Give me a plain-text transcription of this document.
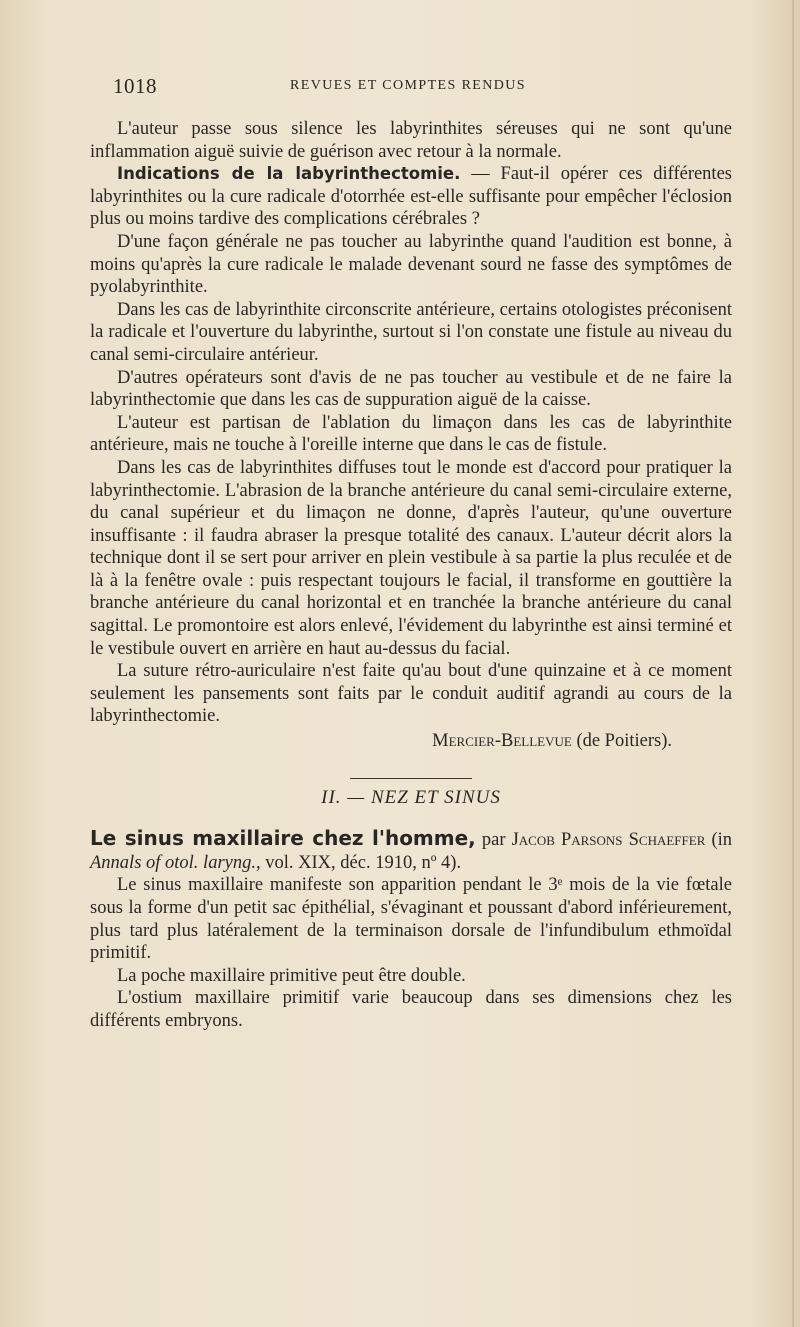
1018	REVUES ET COMPTES RENDUS

L'auteur passe sous silence les labyrinthites séreuses qui ne sont qu'une inflammation aiguë suivie de guérison avec retour à la normale.

Indications de la labyrinthectomie. — Faut-il opérer ces différentes labyrinthites ou la cure radicale d'otorrhée est-elle suffisante pour empêcher l'éclosion plus ou moins tardive des complications cérébrales ?

D'une façon générale ne pas toucher au labyrinthe quand l'audition est bonne, à moins qu'après la cure radicale le malade devenant sourd ne fasse des symptômes de pyolabyrinthite.

Dans les cas de labyrinthite circonscrite antérieure, certains otologistes préconisent la radicale et l'ouverture du labyrinthe, surtout si l'on constate une fistule au niveau du canal semi-circulaire antérieur.

D'autres opérateurs sont d'avis de ne pas toucher au vestibule et de ne faire la labyrinthectomie que dans les cas de suppuration aiguë de la caisse.

L'auteur est partisan de l'ablation du limaçon dans les cas de labyrinthite antérieure, mais ne touche à l'oreille interne que dans le cas de fistule.

Dans les cas de labyrinthites diffuses tout le monde est d'accord pour pratiquer la labyrinthectomie. L'abrasion de la branche antérieure du canal semi-circulaire externe, du canal supérieur et du limaçon ne donne, d'après l'auteur, qu'une ouverture insuffisante : il faudra abraser la presque totalité des canaux. L'auteur décrit alors la technique dont il se sert pour arriver en plein vestibule à sa partie la plus reculée et de là à la fenêtre ovale : puis respectant toujours le facial, il transforme en gouttière la branche antérieure du canal horizontal et en tranchée la branche antérieure du canal sagittal. Le promontoire est alors enlevé, l'évidement du labyrinthe est ainsi terminé et le vestibule ouvert en arrière en haut au-dessus du facial.

La suture rétro-auriculaire n'est faite qu'au bout d'une quinzaine et à ce moment seulement les pansements sont faits par le conduit auditif agrandi au cours de la labyrinthectomie.

Mercier-Bellevue (de Poitiers).
II. — NEZ ET SINUS

Le sinus maxillaire chez l'homme, par Jacob Parsons Schaeffer (in Annals of otol. laryng., vol. XIX, déc. 1910, nº 4).

Le sinus maxillaire manifeste son apparition pendant le 3ᵉ mois de la vie fœtale sous la forme d'un petit sac épithélial, s'évaginant et poussant d'abord inférieurement, plus tard plus latéralement de la terminaison dorsale de l'infundibulum ethmoïdal primitif.

La poche maxillaire primitive peut être double.

L'ostium maxillaire primitif varie beaucoup dans ses dimensions chez les différents embryons.
